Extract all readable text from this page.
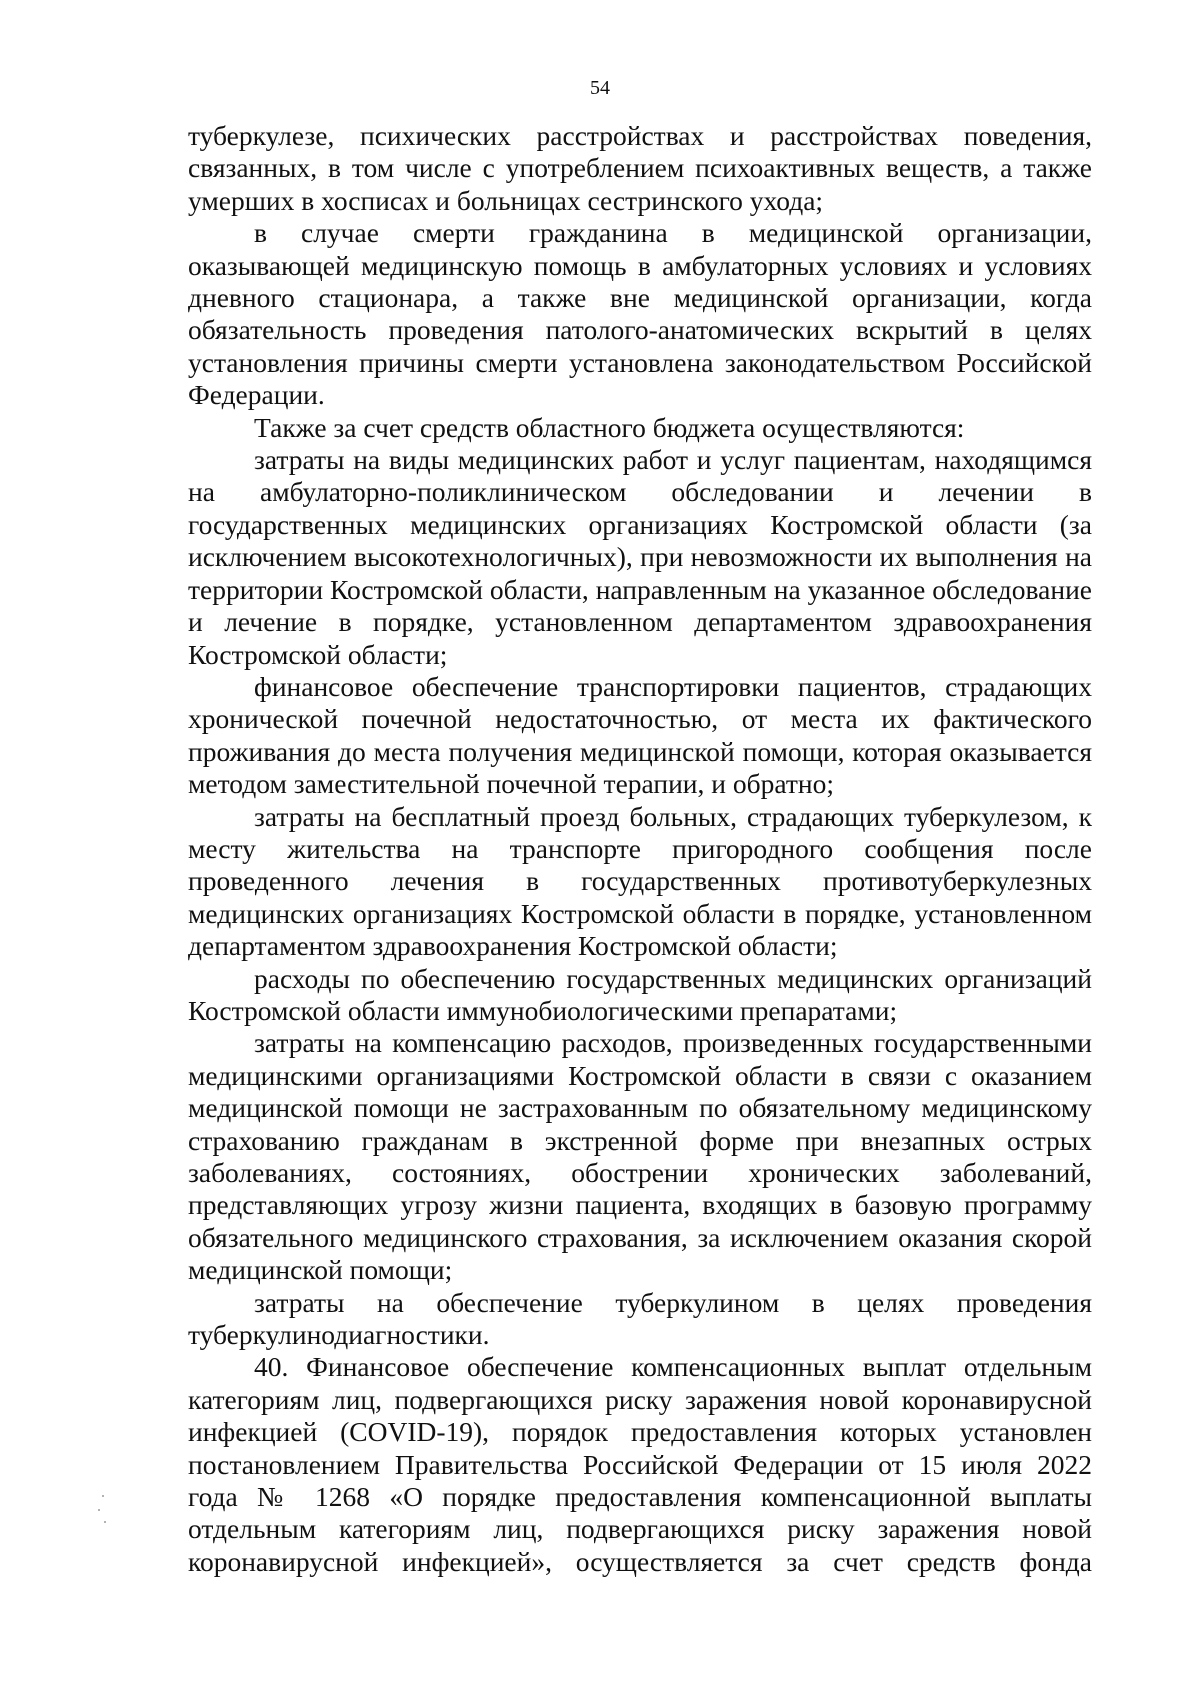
54

туберкулезе, психических расстройствах и расстройствах поведения, связанных, в том числе с употреблением психоактивных веществ, а также умерших в хосписах и больницах сестринского ухода;

в случае смерти гражданина в медицинской организации, оказывающей медицинскую помощь в амбулаторных условиях и условиях дневного стационара, а также вне медицинской организации, когда обязательность проведения патолого-анатомических вскрытий в целях установления причины смерти установлена законодательством Российской Федерации.

Также за счет средств областного бюджета осуществляются:

затраты на виды медицинских работ и услуг пациентам, находящимся на амбулаторно-поликлиническом обследовании и лечении в государственных медицинских организациях Костромской области (за исключением высокотехнологичных), при невозможности их выполнения на территории Костромской области, направленным на указанное обследование и лечение в порядке, установленном департаментом здравоохранения Костромской области;

финансовое обеспечение транспортировки пациентов, страдающих хронической почечной недостаточностью, от места их фактического проживания до места получения медицинской помощи, которая оказывается методом заместительной почечной терапии, и обратно;

затраты на бесплатный проезд больных, страдающих туберкулезом, к месту жительства на транспорте пригородного сообщения после проведенного лечения в государственных противотуберкулезных медицинских организациях Костромской области в порядке, установленном департаментом здравоохранения Костромской области;

расходы по обеспечению государственных медицинских организаций Костромской области иммунобиологическими препаратами;

затраты на компенсацию расходов, произведенных государственными медицинскими организациями Костромской области в связи с оказанием медицинской помощи не застрахованным по обязательному медицинскому страхованию гражданам в экстренной форме при внезапных острых заболеваниях, состояниях, обострении хронических заболеваний, представляющих угрозу жизни пациента, входящих в базовую программу обязательного медицинского страхования, за исключением оказания скорой медицинской помощи;

затраты на обеспечение туберкулином в целях проведения туберкулинодиагностики.

40. Финансовое обеспечение компенсационных выплат отдельным категориям лиц, подвергающихся риску заражения новой коронавирусной инфекцией (COVID-19), порядок предоставления которых установлен постановлением Правительства Российской Федерации от 15 июля 2022 года № 1268 «О порядке предоставления компенсационной выплаты отдельным категориям лиц, подвергающихся риску заражения новой коронавирусной инфекцией», осуществляется за счет средств фонда
